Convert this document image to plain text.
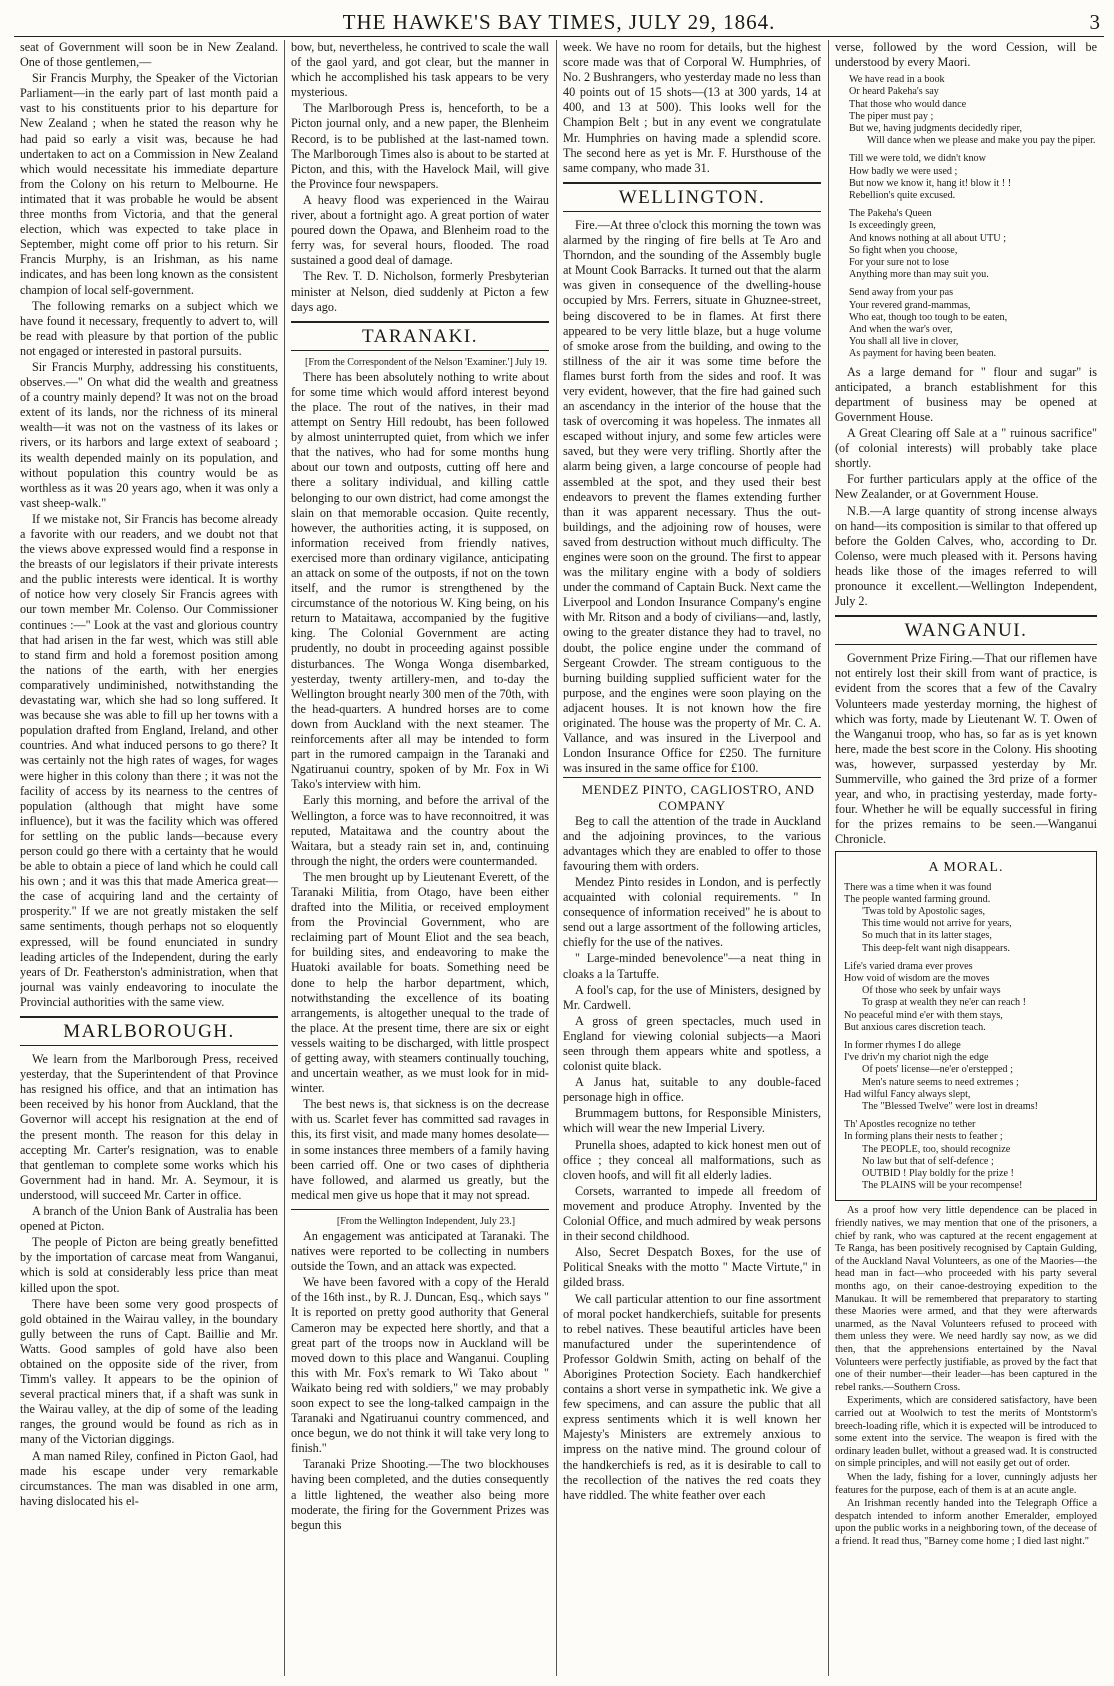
THE HAWKE'S BAY TIMES, JULY 29, 1864.	3

seat of Government will soon be in New Zealand. One of those gentlemen,—

Sir Francis Murphy, the Speaker of the Victorian Parliament—in the early part of last month paid a vast to his constituents prior to his departure for New Zealand ; when he stated the reason why he had paid so early a visit was, because he had undertaken to act on a Commission in New Zealand which would necessitate his immediate departure from the Colony on his return to Melbourne. He intimated that it was probable he would be absent three months from Victoria, and that the general election, which was expected to take place in September, might come off prior to his return. Sir Francis Murphy, is an Irishman, as his name indicates, and has been long known as the consistent champion of local self-government.

The following remarks on a subject which we have found it necessary, frequently to advert to, will be read with pleasure by that portion of the public not engaged or interested in pastoral pursuits.

Sir Francis Murphy, addressing his constituents, observes.—" On what did the wealth and greatness of a country mainly depend? It was not on the broad extent of its lands, nor the richness of its mineral wealth—it was not on the vastness of its lakes or rivers, or its harbors and large extext of seaboard ; its wealth depended mainly on its population, and without population this country would be as worthless as it was 20 years ago, when it was only a vast sheep-walk."

If we mistake not, Sir Francis has become already a favorite with our readers, and we doubt not that the views above expressed would find a response in the breasts of our legislators if their private interests and the public interests were identical. It is worthy of notice how very closely Sir Francis agrees with our town member Mr. Colenso. Our Commissioner continues :—" Look at the vast and glorious country that had arisen in the far west, which was still able to stand firm and hold a foremost position among the nations of the earth, with her energies comparatively undiminished, notwithstanding the devastating war, which she had so long suffered. It was because she was able to fill up her towns with a population drafted from England, Ireland, and other countries. And what induced persons to go there? It was certainly not the high rates of wages, for wages were higher in this colony than there ; it was not the facility of access by its nearness to the centres of population (although that might have some influence), but it was the facility which was offered for settling on the public lands—because every person could go there with a certainty that he would be able to obtain a piece of land which he could call his own ; and it was this that made America great—the case of acquiring land and the certainty of prosperity." If we are not greatly mistaken the self same sentiments, though perhaps not so eloquently expressed, will be found enunciated in sundry leading articles of the Independent, during the early years of Dr. Featherston's administration, when that journal was vainly endeavoring to inoculate the Provincial authorities with the same view.

MARLBOROUGH.

We learn from the Marlborough Press, received yesterday, that the Superintendent of that Province has resigned his office, and that an intimation has been received by his honor from Auckland, that the Governor will accept his resignation at the end of the present month. The reason for this delay in accepting Mr. Carter's resignation, was to enable that gentleman to complete some works which his Government had in hand. Mr. A. Seymour, it is understood, will succeed Mr. Carter in office.

A branch of the Union Bank of Australia has been opened at Picton.

The people of Picton are being greatly benefitted by the importation of carcase meat from Wanganui, which is sold at considerably less price than meat killed upon the spot.

There have been some very good prospects of gold obtained in the Wairau valley, in the boundary gully between the runs of Capt. Baillie and Mr. Watts. Good samples of gold have also been obtained on the opposite side of the river, from Timm's valley. It appears to be the opinion of several practical miners that, if a shaft was sunk in the Wairau valley, at the dip of some of the leading ranges, the ground would be found as rich as in many of the Victorian diggings.

A man named Riley, confined in Picton Gaol, had made his escape under very remarkable circumstances. The man was disabled in one arm, having dislocated his el-

bow, but, nevertheless, he contrived to scale the wall of the gaol yard, and got clear, but the manner in which he accomplished his task appears to be very mysterious.

The Marlborough Press is, henceforth, to be a Picton journal only, and a new paper, the Blenheim Record, is to be published at the last-named town. The Marlborough Times also is about to be started at Picton, and this, with the Havelock Mail, will give the Province four newspapers.

A heavy flood was experienced in the Wairau river, about a fortnight ago. A great portion of water poured down the Opawa, and Blenheim road to the ferry was, for several hours, flooded. The road sustained a good deal of damage.

The Rev. T. D. Nicholson, formerly Presbyterian minister at Nelson, died suddenly at Picton a few days ago.

TARANAKI.

[From the Correspondent of the Nelson 'Examiner.'] July 19.

There has been absolutely nothing to write about for some time which would afford interest beyond the place. The rout of the natives, in their mad attempt on Sentry Hill redoubt, has been followed by almost uninterrupted quiet, from which we infer that the natives, who had for some months hung about our town and outposts, cutting off here and there a solitary individual, and killing cattle belonging to our own district, had come amongst the slain on that memorable occasion. Quite recently, however, the authorities acting, it is supposed, on information received from friendly natives, exercised more than ordinary vigilance, anticipating an attack on some of the outposts, if not on the town itself, and the rumor is strengthened by the circumstance of the notorious W. King being, on his return to Mataitawa, accompanied by the fugitive king. The Colonial Government are acting prudently, no doubt in proceeding against possible disturbances. The Wonga Wonga disembarked, yesterday, twenty artillery-men, and to-day the Wellington brought nearly 300 men of the 70th, with the head-quarters. A hundred horses are to come down from Auckland with the next steamer. The reinforcements after all may be intended to form part in the rumored campaign in the Taranaki and Ngatiruanui country, spoken of by Mr. Fox in Wi Tako's interview with him.

Early this morning, and before the arrival of the Wellington, a force was to have reconnoitred, it was reputed, Mataitawa and the country about the Waitara, but a steady rain set in, and, continuing through the night, the orders were countermanded.

The men brought up by Lieutenant Everett, of the Taranaki Militia, from Otago, have been either drafted into the Militia, or received employment from the Provincial Government, who are reclaiming part of Mount Eliot and the sea beach, for building sites, and endeavoring to make the Huatoki available for boats. Something need be done to help the harbor department, which, notwithstanding the excellence of its boating arrangements, is altogether unequal to the trade of the place. At the present time, there are six or eight vessels waiting to be discharged, with little prospect of getting away, with steamers continually touching, and uncertain weather, as we must look for in mid-winter.

The best news is, that sickness is on the decrease with us. Scarlet fever has committed sad ravages in this, its first visit, and made many homes desolate—in some instances three members of a family having been carried off. One or two cases of diphtheria have followed, and alarmed us greatly, but the medical men give us hope that it may not spread.

[From the Wellington Independent, July 23.]

An engagement was anticipated at Taranaki. The natives were reported to be collecting in numbers outside the Town, and an attack was expected.

We have been favored with a copy of the Herald of the 16th inst., by R. J. Duncan, Esq., which says " It is reported on pretty good authority that General Cameron may be expected here shortly, and that a great part of the troops now in Auckland will be moved down to this place and Wanganui. Coupling this with Mr. Fox's remark to Wi Tako about " Waikato being red with soldiers," we may probably soon expect to see the long-talked campaign in the Taranaki and Ngatiruanui country commenced, and once begun, we do not think it will take very long to finish."

Taranaki Prize Shooting.—The two blockhouses having been completed, and the duties consequently a little lightened, the weather also being more moderate, the firing for the Government Prizes was begun this

week. We have no room for details, but the highest score made was that of Corporal W. Humphries, of No. 2 Bushrangers, who yesterday made no less than 40 points out of 15 shots—(13 at 300 yards, 14 at 400, and 13 at 500). This looks well for the Champion Belt ; but in any event we congratulate Mr. Humphries on having made a splendid score. The second here as yet is Mr. F. Hursthouse of the same company, who made 31.

WELLINGTON.

Fire.—At three o'clock this morning the town was alarmed by the ringing of fire bells at Te Aro and Thorndon, and the sounding of the Assembly bugle at Mount Cook Barracks. It turned out that the alarm was given in consequence of the dwelling-house occupied by Mrs. Ferrers, situate in Ghuznee-street, being discovered to be in flames. At first there appeared to be very little blaze, but a huge volume of smoke arose from the building, and owing to the stillness of the air it was some time before the flames burst forth from the sides and roof. It was very evident, however, that the fire had gained such an ascendancy in the interior of the house that the task of overcoming it was hopeless. The inmates all escaped without injury, and some few articles were saved, but they were very trifling. Shortly after the alarm being given, a large concourse of people had assembled at the spot, and they used their best endeavors to prevent the flames extending further than it was apparent necessary. Thus the out-buildings, and the adjoining row of houses, were saved from destruction without much difficulty. The engines were soon on the ground. The first to appear was the military engine with a body of soldiers under the command of Captain Buck. Next came the Liverpool and London Insurance Company's engine with Mr. Ritson and a body of civilians—and, lastly, owing to the greater distance they had to travel, no doubt, the police engine under the command of Sergeant Crowder. The stream contiguous to the burning building supplied sufficient water for the purpose, and the engines were soon playing on the adjacent houses. It is not known how the fire originated. The house was the property of Mr. C. A. Vallance, and was insured in the Liverpool and London Insurance Office for £250. The furniture was insured in the same office for £100.

MENDEZ PINTO, CAGLIOSTRO, AND COMPANY

Beg to call the attention of the trade in Auckland and the adjoining provinces, to the various advantages which they are enabled to offer to those favouring them with orders.

Mendez Pinto resides in London, and is perfectly acquainted with colonial requirements. " In consequence of information received" he is about to send out a large assortment of the following articles, chiefly for the use of the natives.

" Large-minded benevolence"—a neat thing in cloaks a la Tartuffe.

A fool's cap, for the use of Ministers, designed by Mr. Cardwell.

A gross of green spectacles, much used in England for viewing colonial subjects—a Maori seen through them appears white and spotless, a colonist quite black.

A Janus hat, suitable to any double-faced personage high in office.

Brummagem buttons, for Responsible Ministers, which will wear the new Imperial Livery.

Prunella shoes, adapted to kick honest men out of office ; they conceal all malformations, such as cloven hoofs, and will fit all elderly ladies.

Corsets, warranted to impede all freedom of movement and produce Atrophy. Invented by the Colonial Office, and much admired by weak persons in their second childhood.

Also, Secret Despatch Boxes, for the use of Political Sneaks with the motto " Macte Virtute," in gilded brass.

We call particular attention to our fine assortment of moral pocket handkerchiefs, suitable for presents to rebel natives. These beautiful articles have been manufactured under the superintendence of Professor Goldwin Smith, acting on behalf of the Aborigines Protection Society. Each handkerchief contains a short verse in sympathetic ink. We give a few specimens, and can assure the public that all express sentiments which it is well known her Majesty's Ministers are extremely anxious to impress on the native mind. The ground colour of the handkerchiefs is red, as it is desirable to call to the recollection of the natives the red coats they have riddled. The white feather over each

verse, followed by the word Cession, will be understood by every Maori.

We have read in a book
Or heard Pakeha's say
That those who would dance
The piper must pay ;
But we, having judgments decidedly riper,
Will dance when we please and make you pay the piper.
Till we were told, we didn't know
How badly we were used ;
But now we know it, hang it! blow it ! !
Rebellion's quite excused.
The Pakeha's Queen
Is exceedingly green,
And knows nothing at all about UTU ;
So fight when you choose,
For your sure not to lose
Anything more than may suit you.
Send away from your pas
Your revered grand-mammas,
Who eat, though too tough to be eaten,
And when the war's over,
You shall all live in clover,
As payment for having been beaten.

As a large demand for " flour and sugar" is anticipated, a branch establishment for this department of business may be opened at Government House.

A Great Clearing off Sale at a " ruinous sacrifice" (of colonial interests) will probably take place shortly.

For further particulars apply at the office of the New Zealander, or at Government House.

N.B.—A large quantity of strong incense always on hand—its composition is similar to that offered up before the Golden Calves, who, according to Dr. Colenso, were much pleased with it. Persons having heads like those of the images referred to will pronounce it excellent.—Wellington Independent, July 2.

WANGANUI.

Government Prize Firing.—That our riflemen have not entirely lost their skill from want of practice, is evident from the scores that a few of the Cavalry Volunteers made yesterday morning, the highest of which was forty, made by Lieutenant W. T. Owen of the Wanganui troop, who has, so far as is yet known here, made the best score in the Colony. His shooting was, however, surpassed yesterday by Mr. Summerville, who gained the 3rd prize of a former year, and who, in practising yesterday, made forty-four. Whether he will be equally successful in firing for the prizes remains to be seen.—Wanganui Chronicle.

A MORAL.
There was a time when it was found
The people wanted farming ground.
'Twas told by Apostolic sages,
This time would not arrive for years,
So much that in its latter stages,
This deep-felt want nigh disappears.
Life's varied drama ever proves
How void of wisdom are the moves
Of those who seek by unfair ways
To grasp at wealth they ne'er can reach !
No peaceful mind e'er with them stays,
But anxious cares discretion teach.
In former rhymes I do allege
I've driv'n my chariot nigh the edge
Of poets' license—ne'er o'erstepped ;
Men's nature seems to need extremes ;
Had wilful Fancy always slept,
The "Blessed Twelve" were lost in dreams!
Th' Apostles recognize no tether
In forming plans their nests to feather ;
The PEOPLE, too, should recognize
No law but that of self-defence ;
OUTBID ! Play boldly for the prize !
The PLAINS will be your recompense!

As a proof how very little dependence can be placed in friendly natives, we may mention that one of the prisoners, a chief by rank, who was captured at the recent engagement at Te Ranga, has been positively recognised by Captain Gulding, of the Auckland Naval Volunteers, as one of the Maories—the head man in fact—who proceeded with his party several months ago, on their canoe-destroying expedition to the Manukau. It will be remembered that preparatory to starting these Maories were armed, and that they were afterwards unarmed, as the Naval Volunteers refused to proceed with them unless they were. We need hardly say now, as we did then, that the apprehensions entertained by the Naval Volunteers were perfectly justifiable, as proved by the fact that one of their number—their leader—has been captured in the rebel ranks.—Southern Cross.

Experiments, which are considered satisfactory, have been carried out at Woolwich to test the merits of Montstorm's breech-loading rifle, which it is expected will be introduced to some extent into the service. The weapon is fired with the ordinary leaden bullet, without a greased wad. It is constructed on simple principles, and will not easily get out of order.

When the lady, fishing for a lover, cunningly adjusts her features for the purpose, each of them is at an acute angle.

An Irishman recently handed into the Telegraph Office a despatch intended to inform another Emeralder, employed upon the public works in a neighboring town, of the decease of a friend. It read thus, "Barney come home ; I died last night."
